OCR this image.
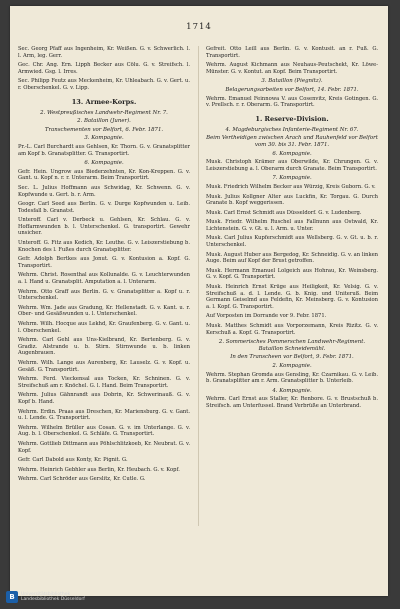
1714
Sec. Georg Pfaff aus Ingenheim, Kr. Weißen. G. v. Schwerlich. l. l. Arm, leg. Gerr.
Gec. Chr. Ang. Ern. Lipph Becker aus Cölu. G. v. Streifsch. l. Armwied. Gsg. l. Irres.
Sec. Philipp Feutz aus Meckenheim, Kr. Uhleabach. G. v. Gert. u. r. Oberschenkel. G. v. Lipp.
13. Armee-Korps.
2. Westpreußisches Landwehr-Regiment Nr. 7.
2. Bataillon (Juner).
Transchementen vor Belfort, 6. Febr. 1871.
3. Kompagnie.
Pr.-L. Carl Burchardt aus Gehlsen, Kr. Thorn. G. v. Granatsplitter am Kopf b. Granatsplitter. G. Transportirt.
6. Kompagnie.
Gefr. Hein. Ungrow aus Biederzehnten, Kr. Kon-Kreppen. G. v. Gant. u. Kopf n. r. r. Unterarm. Beim Transportirt.
Sec. L. Julius Hoffmann aus Schwidag, Kr. Schwenn. G. v. Kopfwunde u. Gert. b. r. Arm.
Geogr. Carl Seed aus Berlin. G. v. Durge Kopfwunden u. Leib. Todesfall b. Granatst.
Unteroff. Carl v. Derbeck u. Gehlsen, Kr. Schlau. G. v. Hoffarmwunden b. l. Unterschenkel. G. transportirt. Gewehr unsicher.
Unteroff. G. Fitz aus Kedich, Kr. Leuthe. G. v. Leiszerstiebung b. Knochen des l. Fußes durch Granatsplitter.
Gefr. Adolph Bertkes aus Jonut. G. v. Kontusion a. Kopf. G. Transportirt.
Wehrm. Christ. Rosenthal aus Kollunalde. G. v. Leuchterwunden a. l. Hand u. Granatsplit. Amputation a. l. Unterarm.
Wehrm. Otto Graff aus Berlin. G. v. Granatsplitter a. Kopf u. r. Unterschenkel.
Wehrm. Wm. Jade aus Gradung, Kr. Hellenstadt. G. v. Kant. u. r. Ober- und Gesäßwunden u. l. Unterschenkel.
Wehrm. Wilh. Hocque aus Lekhd, Kr. Graufenberg. G. v. Gant. u. l. Oberschenkel.
Wehrm. Carl Gehl aus Uns-Kielbrand, Kr. Bertenberg. G. v. Gradiz. Alstrande u. b. Stirn. Stirnwunde u. b. linken Augenbrauen.
Wehrm. Wilh. Lange aus Aurenberg, Kr. Lauselz. G. v. Kopf. u. Gesäß. G. Transportirt.
Wehrm. Ferd. Vieckensal aus Tocken, Kr. Schninen. G. v. Streifschuß am r. Knöchel. G. l. Hand. Beim Transportirt.
Wehrm. Julius Gähnrandt aus Dobrin, Kr. Schwerinauß. G. v. Kopf b. Hand.
Wehrm. Erdin. Praas aus Dreschen, Kr. Mariensburg. G. v. Gant. u. l. Lende. G. Transportirt.
Wehrm. Wilhelm Brüller aus Cosan. G. v. im Unterlange. G. v. Aug. b. l. Oberschenkel. G. Schläfe. G. Transportirt.
Wehrm. Gottlieb Dittmann aus Pöhlschlitzkoeb, Kr. Neubrat. G. v. Kopf.
Gefr. Carl Dabold aus Konty, Kr. Pignit. G.
Wehrm. Heinrich Gebhler aus Berlin, Kr. Heubach. G. v. Kopf.
Wehrm. Carl Schröder aus Gerslitz, Kr. Cutle. G.
Gefreit. Otto Leill aus Berlin. G. v. Kontusit. an r. Fuß. G. Transportirt.
Wehrm. August Kichmann aus Neuhaus-Peutschekt, Kr. Löwe-Münster. G. v. Kontut. an Kopf. Beim Transportirt.
3. Bataillon (Piegnitz).
Belagerungsarbeiten vor Belfort, 14. Febr. 1871.
Wehrm. Emanuel Feinnowa V. aus Cosenvitz, Kreis Gotingen. G. v. Prellsch. r. r. Oberarm. G. Transportirt.
1. Reserve-Division.
4. Magdeburgisches Infanterie-Regiment Nr. 67.
Beim Vertheidigen zwischen Arach und Rauhenfeld vor Belfort vom 30. bis 31. Febr. 1871.
6. Kompagnie.
Musk. Christoph Krämer aus Oberwilde, Kr. Chrungen. G. v. Leiszerstiebung a. l. Oberarm durch Granate. Beim Transportirt.
7. Kompagnie.
Musk. Friedrich Wilhelm Becker aus Würzig, Kreis Guborn. G. v.
Musk. Julius Kollgner Alter aus Luckfin, Kr. Torgau. G. Durch Granate b. Kopf weggerissen.
Musk. Carl Ernst Schmidt aus Düsseldorf. G. v. Ludenberg.
Musk. Friedr. Wilhelm Ruschel aus Fallnunn aus Ostwald, Kr. Lichtenstein. G. v. Gt. u. l. Arm. u. Unter.
Musk. Carl Julius Kupferschmidt aus Wellsberg. G. v. Gt. u. b. r. Unterschenkel.
Musk. August Huber aus Bergedog, Kr. Schneidig. G. v. an linken Auge. Beim auf Kopf der Brust getroffen.
Musk. Hermann Emanuel Lolgeich aus Hohrau, Kr. Weinsberg. G. v. Kopf. G. Transportirt.
Musk. Heinrich Ernst Krüge aus Heiligkeit, Kr. Velsig. G. v. Streifschuß a. d. l. Lende. G. b. Knig. und Uniteruß. Beim Germann Geiselmd aus Feldefin, Kr. Meinsberg. G. v. Kontusion a. l. Kopf. G. Transportirt.
Auf Vorposten im Dorrande vor 9. Febr. 1871.
Musk. Matthes Schmidt aus Vorporzemann, Kreis Rizitz. G. v. Kerschuß a. Kopf. G. Transportirt.
2. Sommerisches Pommerschen Landwehr-Regiment. Bataillon Schneidemühl.
In den Transcheen vor Belfort, 9. Febr. 1871.
2. Kompagnie.
Wehrm. Stephan Gromda aus Gensling, Kr. Czarnikau. G. v. Leib. b. Granatsplitter am r. Arm. Granatsplitter b. Unterleib.
4. Kompagnie.
Wehrm. Carl Ernst aus Staller, Kr. Renbore. G. v. Brustschuß b. Streifsch. am Unterfussel. Brand Verbrüße an Unterbrand.
B	Universitätsbibliothek
Landesbibliothek Düsseldorf
